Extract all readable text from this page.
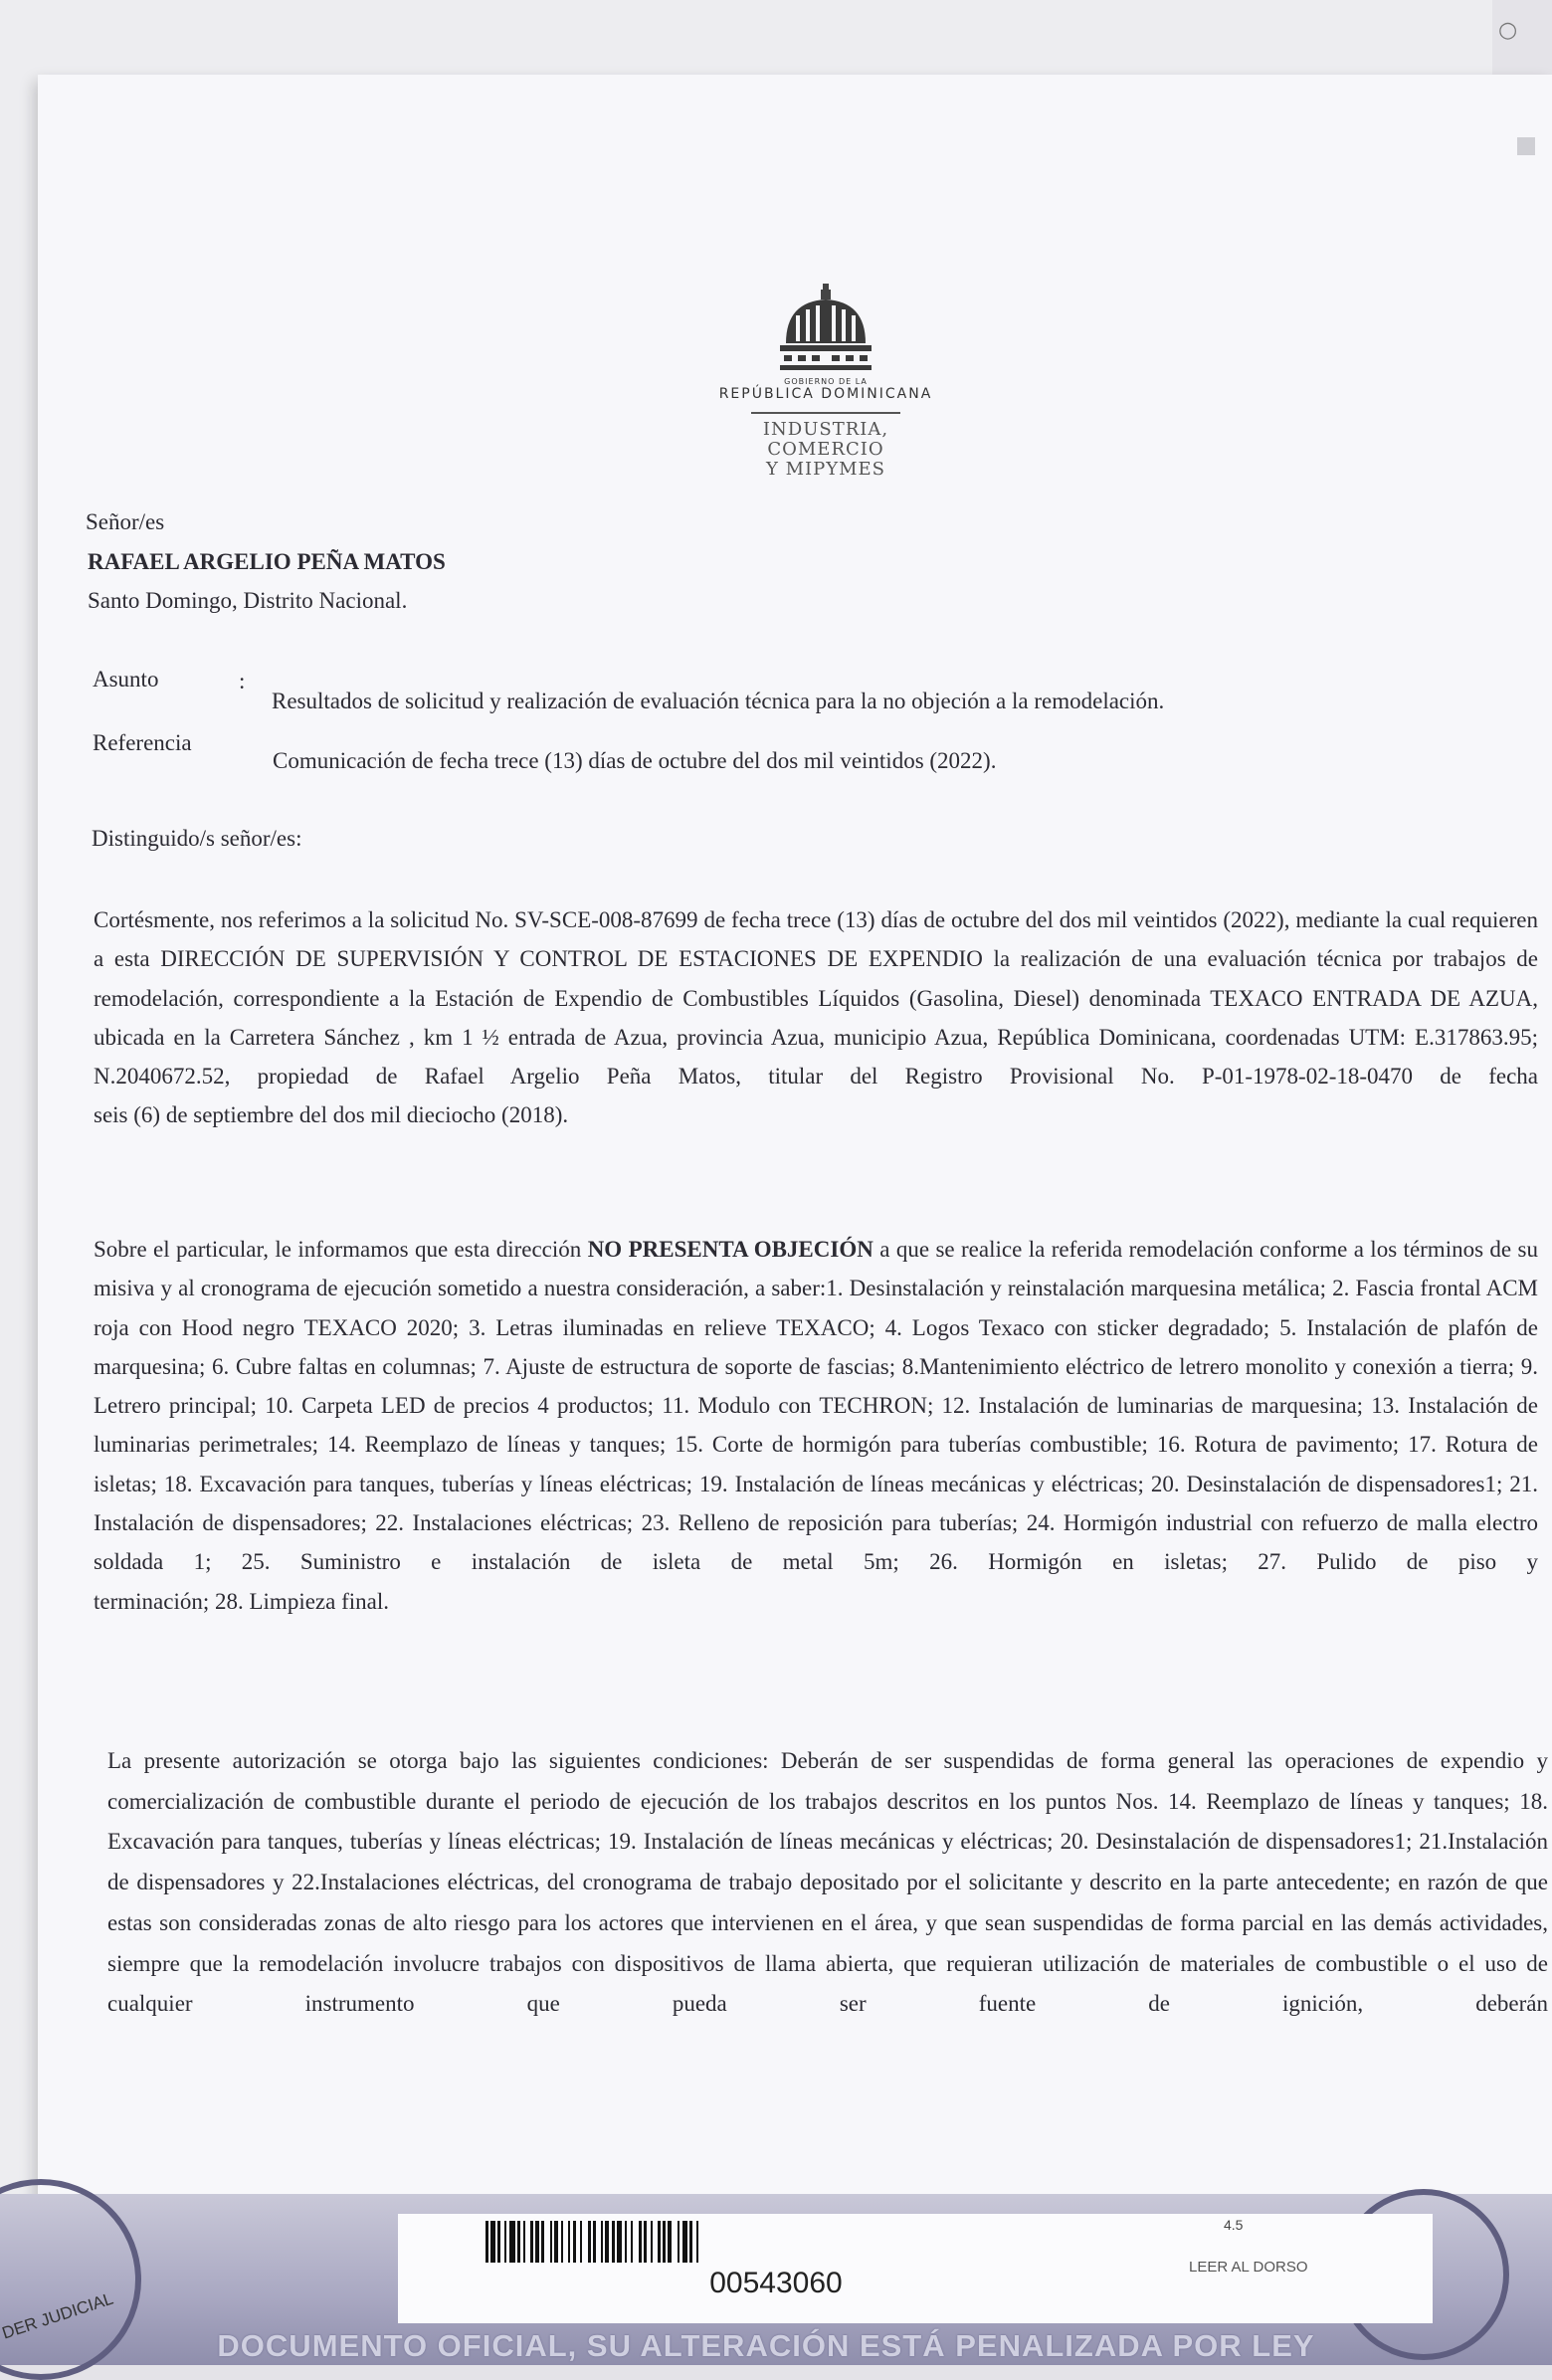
○
GOBIERNO DE LA
REPÚBLICA DOMINICANA
INDUSTRIA, COMERCIO
Y MIPYMES
Señor/es
RAFAEL ARGELIO PEÑA MATOS
Santo Domingo, Distrito Nacional.
Asunto	:
Resultados de solicitud y realización de evaluación técnica para la no objeción a la remodelación.
Referencia
Comunicación de fecha trece (13) días de octubre del dos mil veintidos (2022).
Distinguido/s señor/es:
Cortésmente, nos referimos a la solicitud No. SV-SCE-008-87699 de fecha trece (13) días de octubre del dos mil veintidos (2022), mediante la cual requieren a esta DIRECCIÓN DE SUPERVISIÓN Y CONTROL DE ESTACIONES DE EXPENDIO la realización de una evaluación técnica por trabajos de remodelación, correspondiente a la Estación de Expendio de Combustibles Líquidos (Gasolina, Diesel) denominada TEXACO ENTRADA DE AZUA, ubicada en la Carretera Sánchez , km 1 ½ entrada de Azua, provincia Azua, municipio Azua, República Dominicana, coordenadas UTM: E.317863.95; N.2040672.52, propiedad de Rafael Argelio Peña Matos, titular del Registro Provisional No. P-01-1978-02-18-0470 de fecha
seis (6) de septiembre del dos mil dieciocho (2018).
Sobre el particular, le informamos que esta dirección NO PRESENTA OBJECIÓN a que se realice la referida remodelación conforme a los términos de su misiva y al cronograma de ejecución sometido a nuestra consideración, a saber:1. Desinstalación y reinstalación marquesina metálica; 2. Fascia frontal ACM roja con Hood negro TEXACO 2020; 3. Letras iluminadas en relieve TEXACO; 4. Logos Texaco con sticker degradado; 5. Instalación de plafón de marquesina; 6. Cubre faltas en columnas; 7. Ajuste de estructura de soporte de fascias; 8.Mantenimiento eléctrico de letrero monolito y conexión a tierra; 9. Letrero principal; 10. Carpeta LED de precios 4 productos; 11. Modulo con TECHRON; 12. Instalación de luminarias de marquesina; 13. Instalación de luminarias perimetrales; 14. Reemplazo de líneas y tanques; 15. Corte de hormigón para tuberías combustible; 16. Rotura de pavimento; 17. Rotura de isletas; 18. Excavación para tanques, tuberías y líneas eléctricas; 19. Instalación de líneas mecánicas y eléctricas; 20. Desinstalación de dispensadores1; 21. Instalación de dispensadores; 22. Instalaciones eléctricas; 23. Relleno de reposición para tuberías; 24. Hormigón industrial con refuerzo de malla electro soldada 1; 25. Suministro e instalación de isleta de metal 5m; 26. Hormigón en isletas; 27. Pulido de piso y
terminación; 28. Limpieza final.
La presente autorización se otorga bajo las siguientes condiciones: Deberán de ser suspendidas de forma general las operaciones de expendio y comercialización de combustible durante el periodo de ejecución de los trabajos descritos en los puntos Nos. 14. Reemplazo de líneas y tanques; 18. Excavación para tanques, tuberías y líneas eléctricas; 19. Instalación de líneas mecánicas y eléctricas; 20. Desinstalación de dispensadores1; 21.Instalación de dispensadores y 22.Instalaciones eléctricas, del cronograma de trabajo depositado por el solicitante y descrito en la parte antecedente; en razón de que estas son consideradas zonas de alto riesgo para los actores que intervienen en el área, y que sean suspendidas de forma parcial en las demás actividades, siempre que la remodelación involucre trabajos con dispositivos de llama abierta, que requieran utilización de materiales de combustible o el uso de cualquier instrumento que pueda ser fuente de ignición, deberán
DER JUDICIAL
00543060
4.5
LEER AL DORSO
DOCUMENTO OFICIAL, SU ALTERACIÓN ESTÁ PENALIZADA POR LEY
